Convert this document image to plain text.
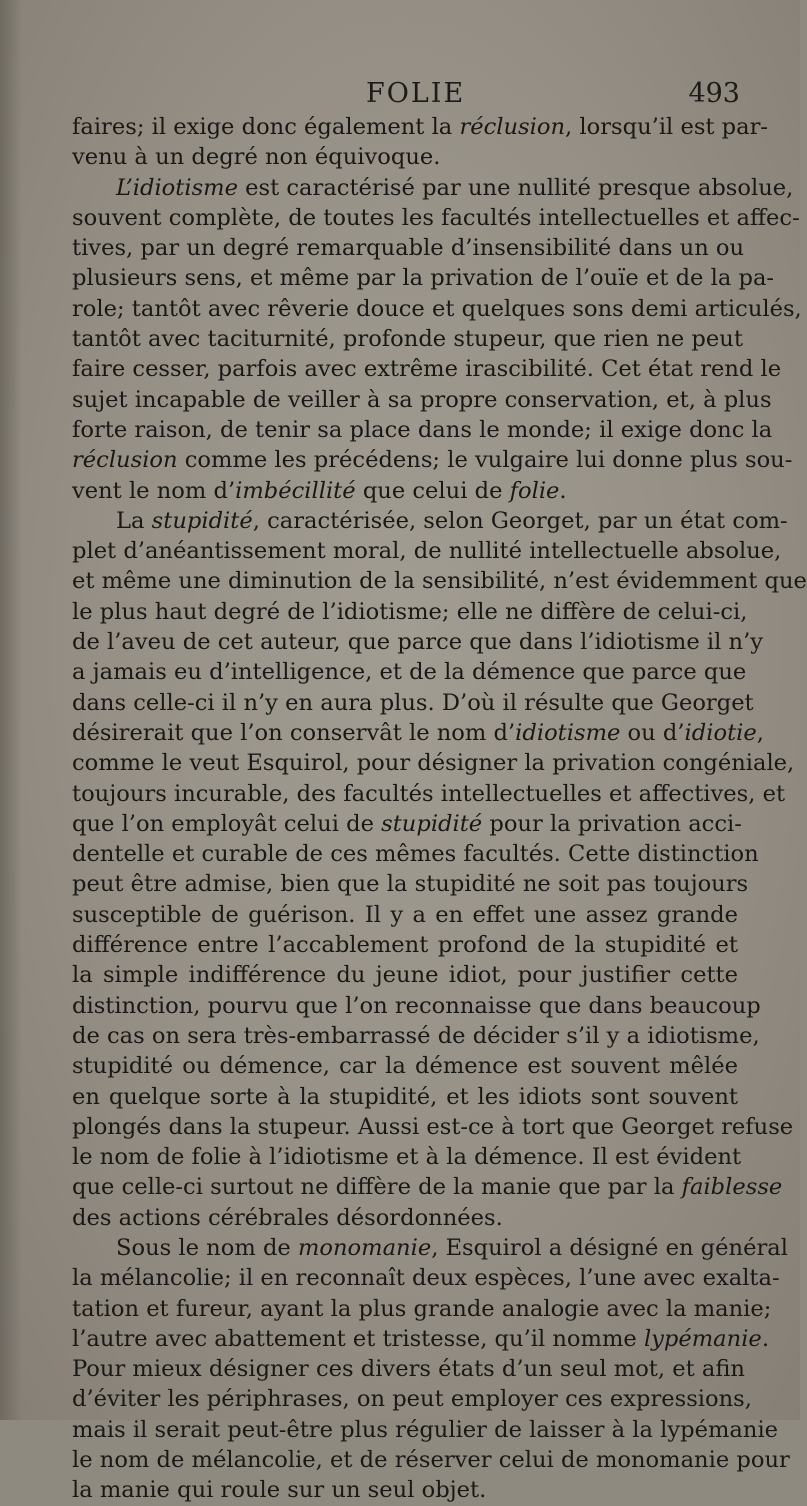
FOLIE	493
faires; il exige donc également la réclusion, lorsqu’il est par-
venu à un degré non équivoque.
L’idiotisme est caractérisé par une nullité presque absolue,
souvent complète, de toutes les facultés intellectuelles et affec-
tives, par un degré remarquable d’insensibilité dans un ou
plusieurs sens, et même par la privation de l’ouïe et de la pa-
role; tantôt avec rêverie douce et quelques sons demi articulés,
tantôt avec taciturnité, profonde stupeur, que rien ne peut
faire cesser, parfois avec extrême irascibilité. Cet état rend le
sujet incapable de veiller à sa propre conservation, et, à plus
forte raison, de tenir sa place dans le monde; il exige donc la
réclusion comme les précédens; le vulgaire lui donne plus sou-
vent le nom d’imbécillité que celui de folie.
La stupidité, caractérisée, selon Georget, par un état com-
plet d’anéantissement moral, de nullité intellectuelle absolue,
et même une diminution de la sensibilité, n’est évidemment que
le plus haut degré de l’idiotisme; elle ne diffère de celui-ci,
de l’aveu de cet auteur, que parce que dans l’idiotisme il n’y
a jamais eu d’intelligence, et de la démence que parce que
dans celle-ci il n’y en aura plus. D’où il résulte que Georget
désirerait que l’on conservât le nom d’idiotisme ou d’idiotie,
comme le veut Esquirol, pour désigner la privation congéniale,
toujours incurable, des facultés intellectuelles et affectives, et
que l’on employât celui de stupidité pour la privation acci-
dentelle et curable de ces mêmes facultés. Cette distinction
peut être admise, bien que la stupidité ne soit pas toujours
susceptible de guérison. Il y a en effet une assez grande
différence entre l’accablement profond de la stupidité et
la simple indifférence du jeune idiot, pour justifier cette
distinction, pourvu que l’on reconnaisse que dans beaucoup
de cas on sera très-embarrassé de décider s’il y a idiotisme,
stupidité ou démence, car la démence est souvent mêlée
en quelque sorte à la stupidité, et les idiots sont souvent
plongés dans la stupeur. Aussi est-ce à tort que Georget refuse
le nom de folie à l’idiotisme et à la démence. Il est évident
que celle-ci surtout ne diffère de la manie que par la faiblesse
des actions cérébrales désordonnées.
Sous le nom de monomanie, Esquirol a désigné en général
la mélancolie; il en reconnaît deux espèces, l’une avec exalta-
tation et fureur, ayant la plus grande analogie avec la manie;
l’autre avec abattement et tristesse, qu’il nomme lypémanie.
Pour mieux désigner ces divers états d’un seul mot, et afin
d’éviter les périphrases, on peut employer ces expressions,
mais il serait peut-être plus régulier de laisser à la lypémanie
le nom de mélancolie, et de réserver celui de monomanie pour
la manie qui roule sur un seul objet.
